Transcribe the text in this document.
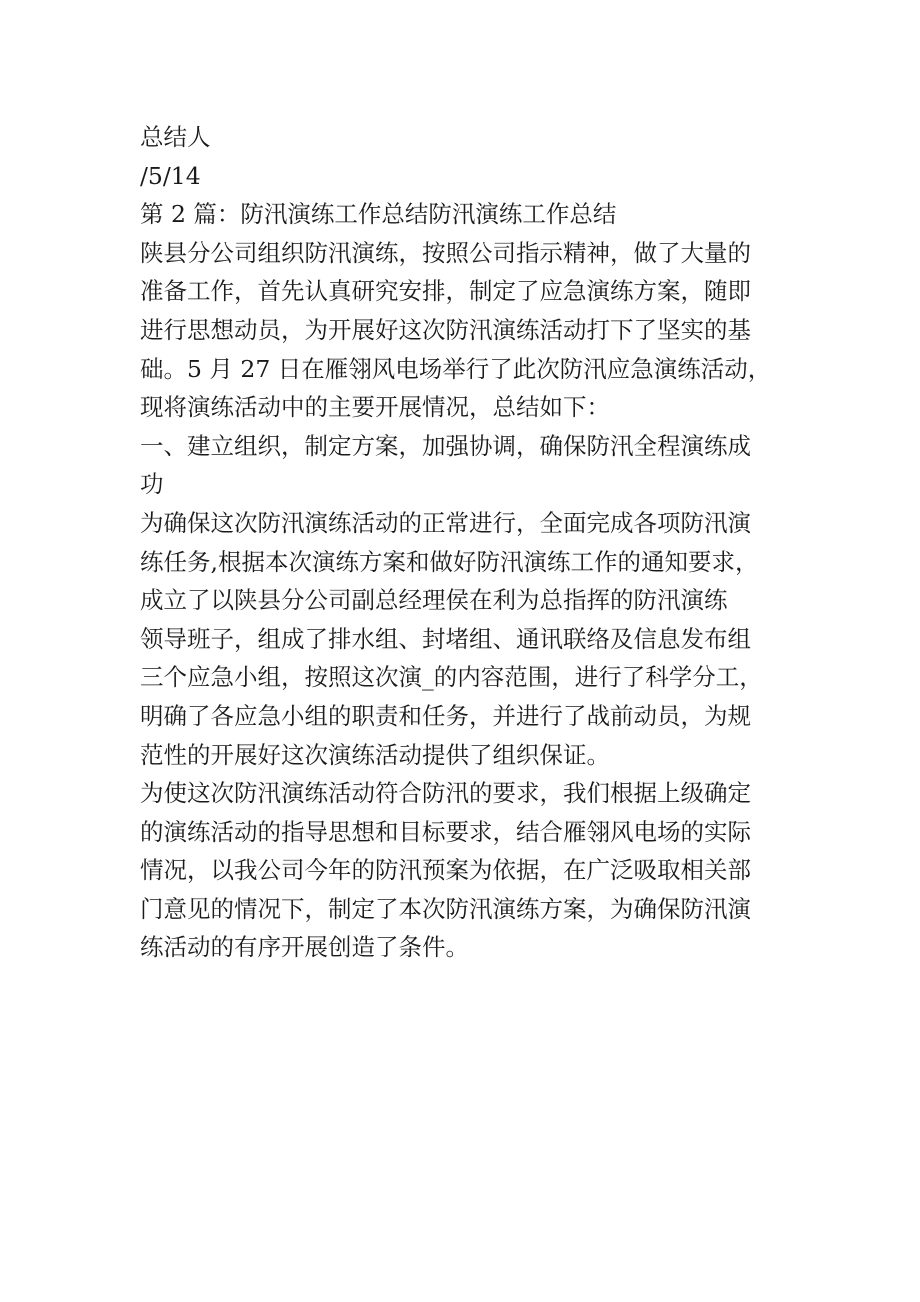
总结人
/5/14
第 2 篇：防汛演练工作总结防汛演练工作总结
陕县分公司组织防汛演练，按照公司指示精神，做了大量的
准备工作，首先认真研究安排，制定了应急演练方案，随即
进行思想动员，为开展好这次防汛演练活动打下了坚实的基
础。5 月 27 日在雁翎风电场举行了此次防汛应急演练活动，
现将演练活动中的主要开展情况，总结如下：
一、建立组织，制定方案，加强协调，确保防汛全程演练成
功
为确保这次防汛演练活动的正常进行，全面完成各项防汛演
练任务,根据本次演练方案和做好防汛演练工作的通知要求，
成立了以陕县分公司副总经理侯在利为总指挥的防汛演练
领导班子，组成了排水组、封堵组、通讯联络及信息发布组
三个应急小组，按照这次演_的内容范围，进行了科学分工，
明确了各应急小组的职责和任务，并进行了战前动员，为规
范性的开展好这次演练活动提供了组织保证。
为使这次防汛演练活动符合防汛的要求，我们根据上级确定
的演练活动的指导思想和目标要求，结合雁翎风电场的实际
情况，以我公司今年的防汛预案为依据，在广泛吸取相关部
门意见的情况下，制定了本次防汛演练方案，为确保防汛演
练活动的有序开展创造了条件。
